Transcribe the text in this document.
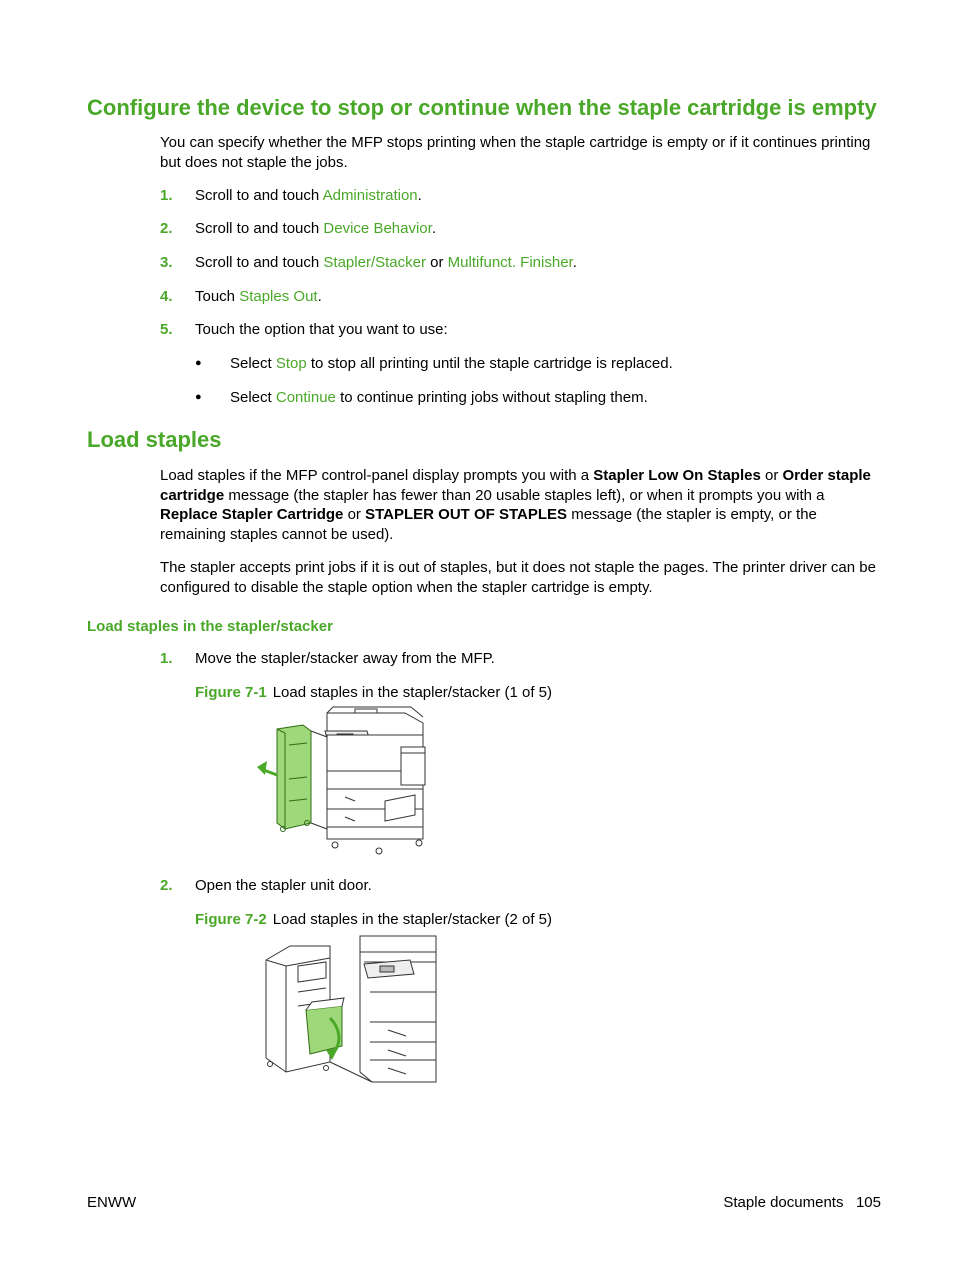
Configure the device to stop or continue when the staple cartridge is empty
You can specify whether the MFP stops printing when the staple cartridge is empty or if it continues printing but does not staple the jobs.
1. Scroll to and touch Administration.
2. Scroll to and touch Device Behavior.
3. Scroll to and touch Stapler/Stacker or Multifunct. Finisher.
4. Touch Staples Out.
5. Touch the option that you want to use:
● Select Stop to stop all printing until the staple cartridge is replaced.
● Select Continue to continue printing jobs without stapling them.
Load staples
Load staples if the MFP control-panel display prompts you with a Stapler Low On Staples or Order staple cartridge message (the stapler has fewer than 20 usable staples left), or when it prompts you with a Replace Stapler Cartridge or STAPLER OUT OF STAPLES message (the stapler is empty, or the remaining staples cannot be used).
The stapler accepts print jobs if it is out of staples, but it does not staple the pages. The printer driver can be configured to disable the staple option when the stapler cartridge is empty.
Load staples in the stapler/stacker
1. Move the stapler/stacker away from the MFP.
Figure 7-1 Load staples in the stapler/stacker (1 of 5)
2. Open the stapler unit door.
Figure 7-2 Load staples in the stapler/stacker (2 of 5)
ENWW	Staple documents 105
